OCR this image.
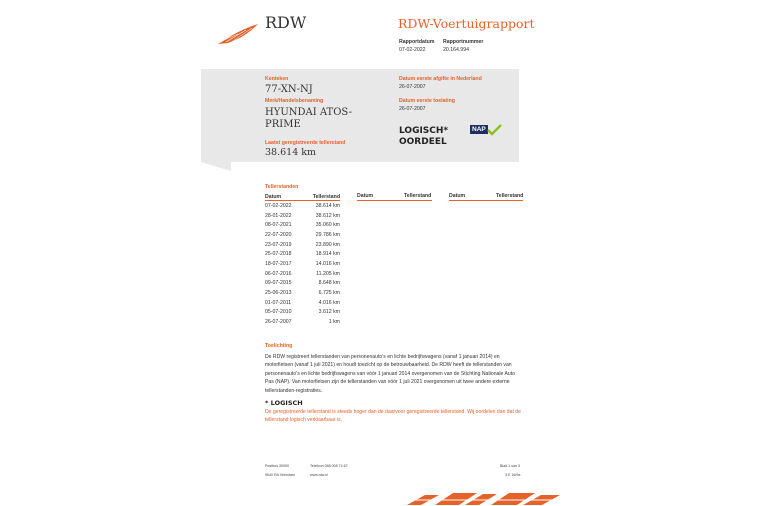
RDW	RDW-Voertuigrapport
Rapportdatum
07-02-2022
Rapportnummer
20.164.994
Kenteken
77-XN-NJ
Merk/Handelsbenaming
HYUNDAI ATOS-PRIME
Laatst geregistreerde tellerstand
38.614 km
Datum eerste afgifte in Nederland
26-07-2007
Datum eerste toelating
26-07-2007
LOGISCH*
OORDEEL
NAP
Tellerstanden
Datum	Tellerstand	Datum	Tellerstand
Datum	Tellerstand
07-02-2022	38.614 km
28-01-2022	38.612 km
08-07-2021	35.060 km
22-07-2020	29.786 km
23-07-2019	23.890 km
25-07-2018	18.914 km
18-07-2017	14.016 km
06-07-2016	11.205 km
09-07-2015	8.648 km
25-06-2013	6.725 km
01-07-2011	4.016 km
05-07-2010	3.612 km
26-07-2007	1 km
Toelichting

De RDW registreert tellerstanden van personenauto’s en lichte bedrijfswagens (vanaf 1 januari 2014) en motorfietsen (vanaf 1 juli 2021) en houdt toezicht op de betrouwbaarheid. De RDW heeft de tellerstanden van personenauto’s en lichte bedrijfswagens van vóór 1 januari 2014 overgenomen van de Stichting Nationale Auto Pas (NAP). Van motorfietsen zijn de tellerstanden van vóór 1 juli 2021 overgenomen uit twee andere externe tellerstanden-registraties.

* LOGISCH

De geregistreerde tellerstand is steeds hoger dan de daarvoor geregistreerde tellerstand. Wij oordelen dan dat de tellerstand logisch verklaarbaar is.

Postbus 30000
9640 RA Veendam
Telefoon 088 008 74 67
www.rdw.nl
Blad 1 van 3
3.E 16/9a
